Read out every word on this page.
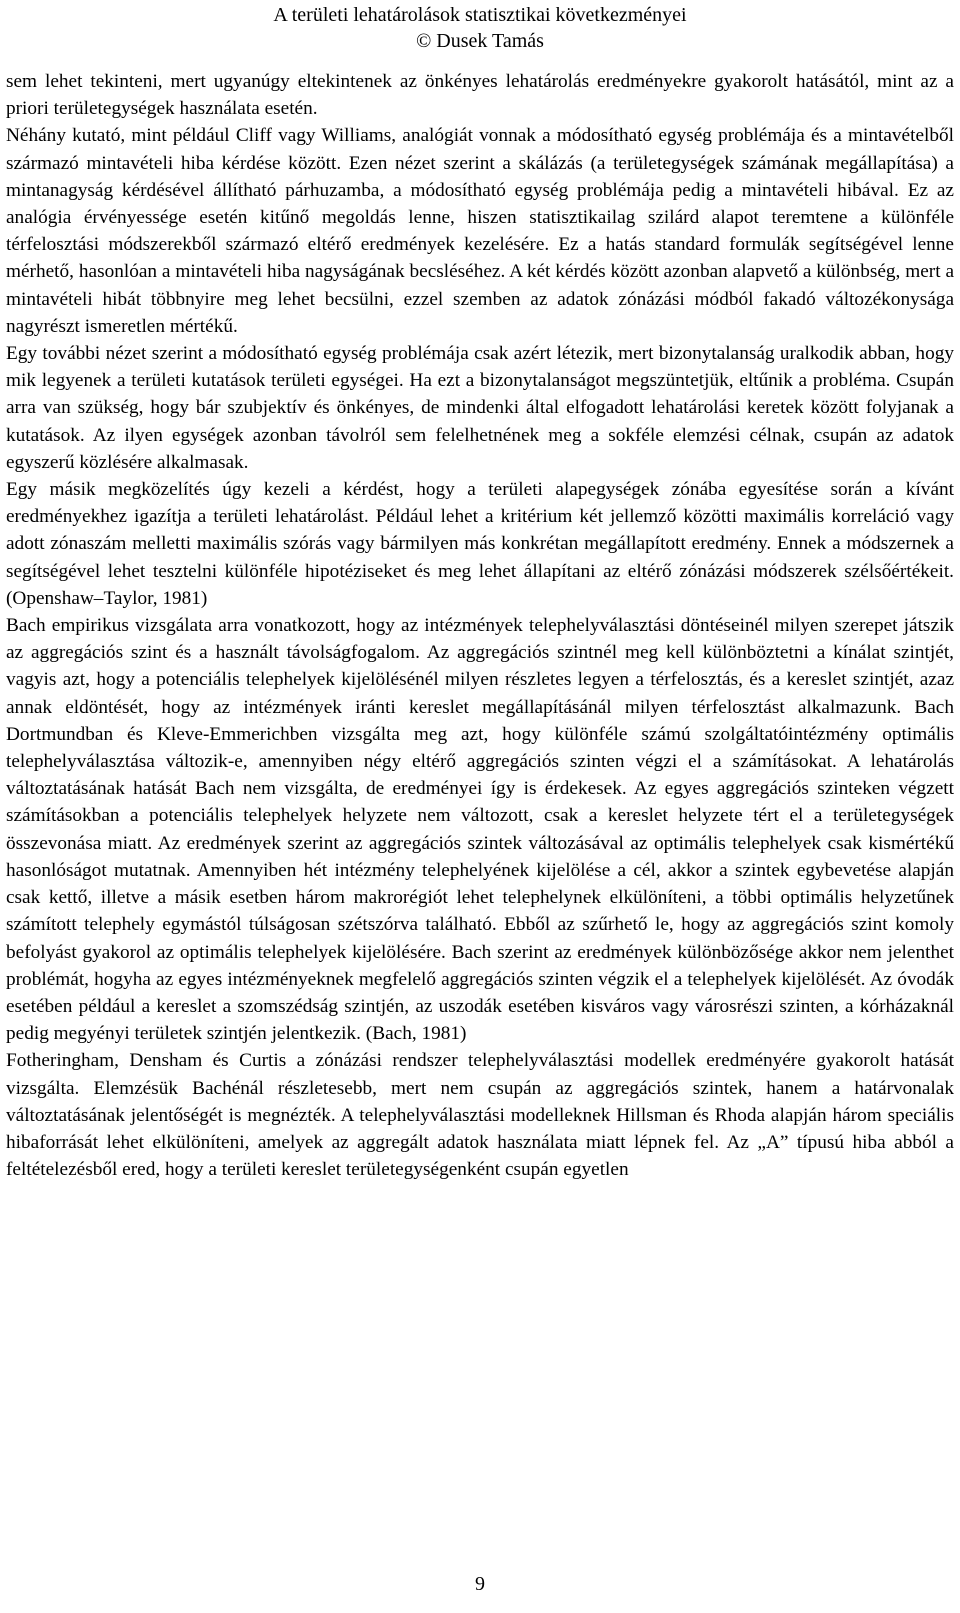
A területi lehatárolások statisztikai következményei
© Dusek Tamás

sem lehet tekinteni, mert ugyanúgy eltekintenek az önkényes lehatárolás eredményekre gyakorolt hatásától, mint az a priori területegységek használata esetén.

Néhány kutató, mint például Cliff vagy Williams, analógiát vonnak a módosítható egység problémája és a mintavételből származó mintavételi hiba kérdése között. Ezen nézet szerint a skálázás (a területegységek számának megállapítása) a mintanagyság kérdésével állítható párhuzamba, a módosítható egység problémája pedig a mintavételi hibával. Ez az analógia érvényessége esetén kitűnő megoldás lenne, hiszen statisztikailag szilárd alapot teremtene a különféle térfelosztási módszerekből származó eltérő eredmények kezelésére. Ez a hatás standard formulák segítségével lenne mérhető, hasonlóan a mintavételi hiba nagyságának becsléséhez. A két kérdés között azonban alapvető a különbség, mert a mintavételi hibát többnyire meg lehet becsülni, ezzel szemben az adatok zónázási módból fakadó változékonysága nagyrészt ismeretlen mértékű.

Egy további nézet szerint a módosítható egység problémája csak azért létezik, mert bizonytalanság uralkodik abban, hogy mik legyenek a területi kutatások területi egységei. Ha ezt a bizonytalanságot megszüntetjük, eltűnik a probléma. Csupán arra van szükség, hogy bár szubjektív és önkényes, de mindenki által elfogadott lehatárolási keretek között folyjanak a kutatások. Az ilyen egységek azonban távolról sem felelhetnének meg a sokféle elemzési célnak, csupán az adatok egyszerű közlésére alkalmasak.

Egy másik megközelítés úgy kezeli a kérdést, hogy a területi alapegységek zónába egyesítése során a kívánt eredményekhez igazítja a területi lehatárolást. Például lehet a kritérium két jellemző közötti maximális korreláció vagy adott zónaszám melletti maximális szórás vagy bármilyen más konkrétan megállapított eredmény. Ennek a módszernek a segítségével lehet tesztelni különféle hipotéziseket és meg lehet állapítani az eltérő zónázási módszerek szélsőértékeit. (Openshaw–Taylor, 1981)

Bach empirikus vizsgálata arra vonatkozott, hogy az intézmények telephelyválasztási döntéseinél milyen szerepet játszik az aggregációs szint és a használt távolságfogalom. Az aggregációs szintnél meg kell különböztetni a kínálat szintjét, vagyis azt, hogy a potenciális telephelyek kijelölésénél milyen részletes legyen a térfelosztás, és a kereslet szintjét, azaz annak eldöntését, hogy az intézmények iránti kereslet megállapításánál milyen térfelosztást alkalmazunk. Bach Dortmundban és Kleve-Emmerichben vizsgálta meg azt, hogy különféle számú szolgáltatóintézmény optimális telephelyválasztása változik-e, amennyiben négy eltérő aggregációs szinten végzi el a számításokat. A lehatárolás változtatásának hatását Bach nem vizsgálta, de eredményei így is érdekesek. Az egyes aggregációs szinteken végzett számításokban a potenciális telephelyek helyzete nem változott, csak a kereslet helyzete tért el a területegységek összevonása miatt. Az eredmények szerint az aggregációs szintek változásával az optimális telephelyek csak kismértékű hasonlóságot mutatnak. Amennyiben hét intézmény telephelyének kijelölése a cél, akkor a szintek egybevetése alapján csak kettő, illetve a másik esetben három makrorégiót lehet telephelynek elkülöníteni, a többi optimális helyzetűnek számított telephely egymástól túlságosan szétszórva található. Ebből az szűrhető le, hogy az aggregációs szint komoly befolyást gyakorol az optimális telephelyek kijelölésére. Bach szerint az eredmények különbözősége akkor nem jelenthet problémát, hogyha az egyes intézményeknek megfelelő aggregációs szinten végzik el a telephelyek kijelölését. Az óvodák esetében például a kereslet a szomszédság szintjén, az uszodák esetében kisváros vagy városrészi szinten, a kórházaknál pedig megyényi területek szintjén jelentkezik. (Bach, 1981)

Fotheringham, Densham és Curtis a zónázási rendszer telephelyválasztási modellek eredményére gyakorolt hatását vizsgálta. Elemzésük Bachénál részletesebb, mert nem csupán az aggregációs szintek, hanem a határvonalak változtatásának jelentőségét is megnézték. A telephelyválasztási modelleknek Hillsman és Rhoda alapján három speciális hibaforrását lehet elkülöníteni, amelyek az aggregált adatok használata miatt lépnek fel. Az „A” típusú hiba abból a feltételezésből ered, hogy a területi kereslet területegységenként csupán egyetlen

9
